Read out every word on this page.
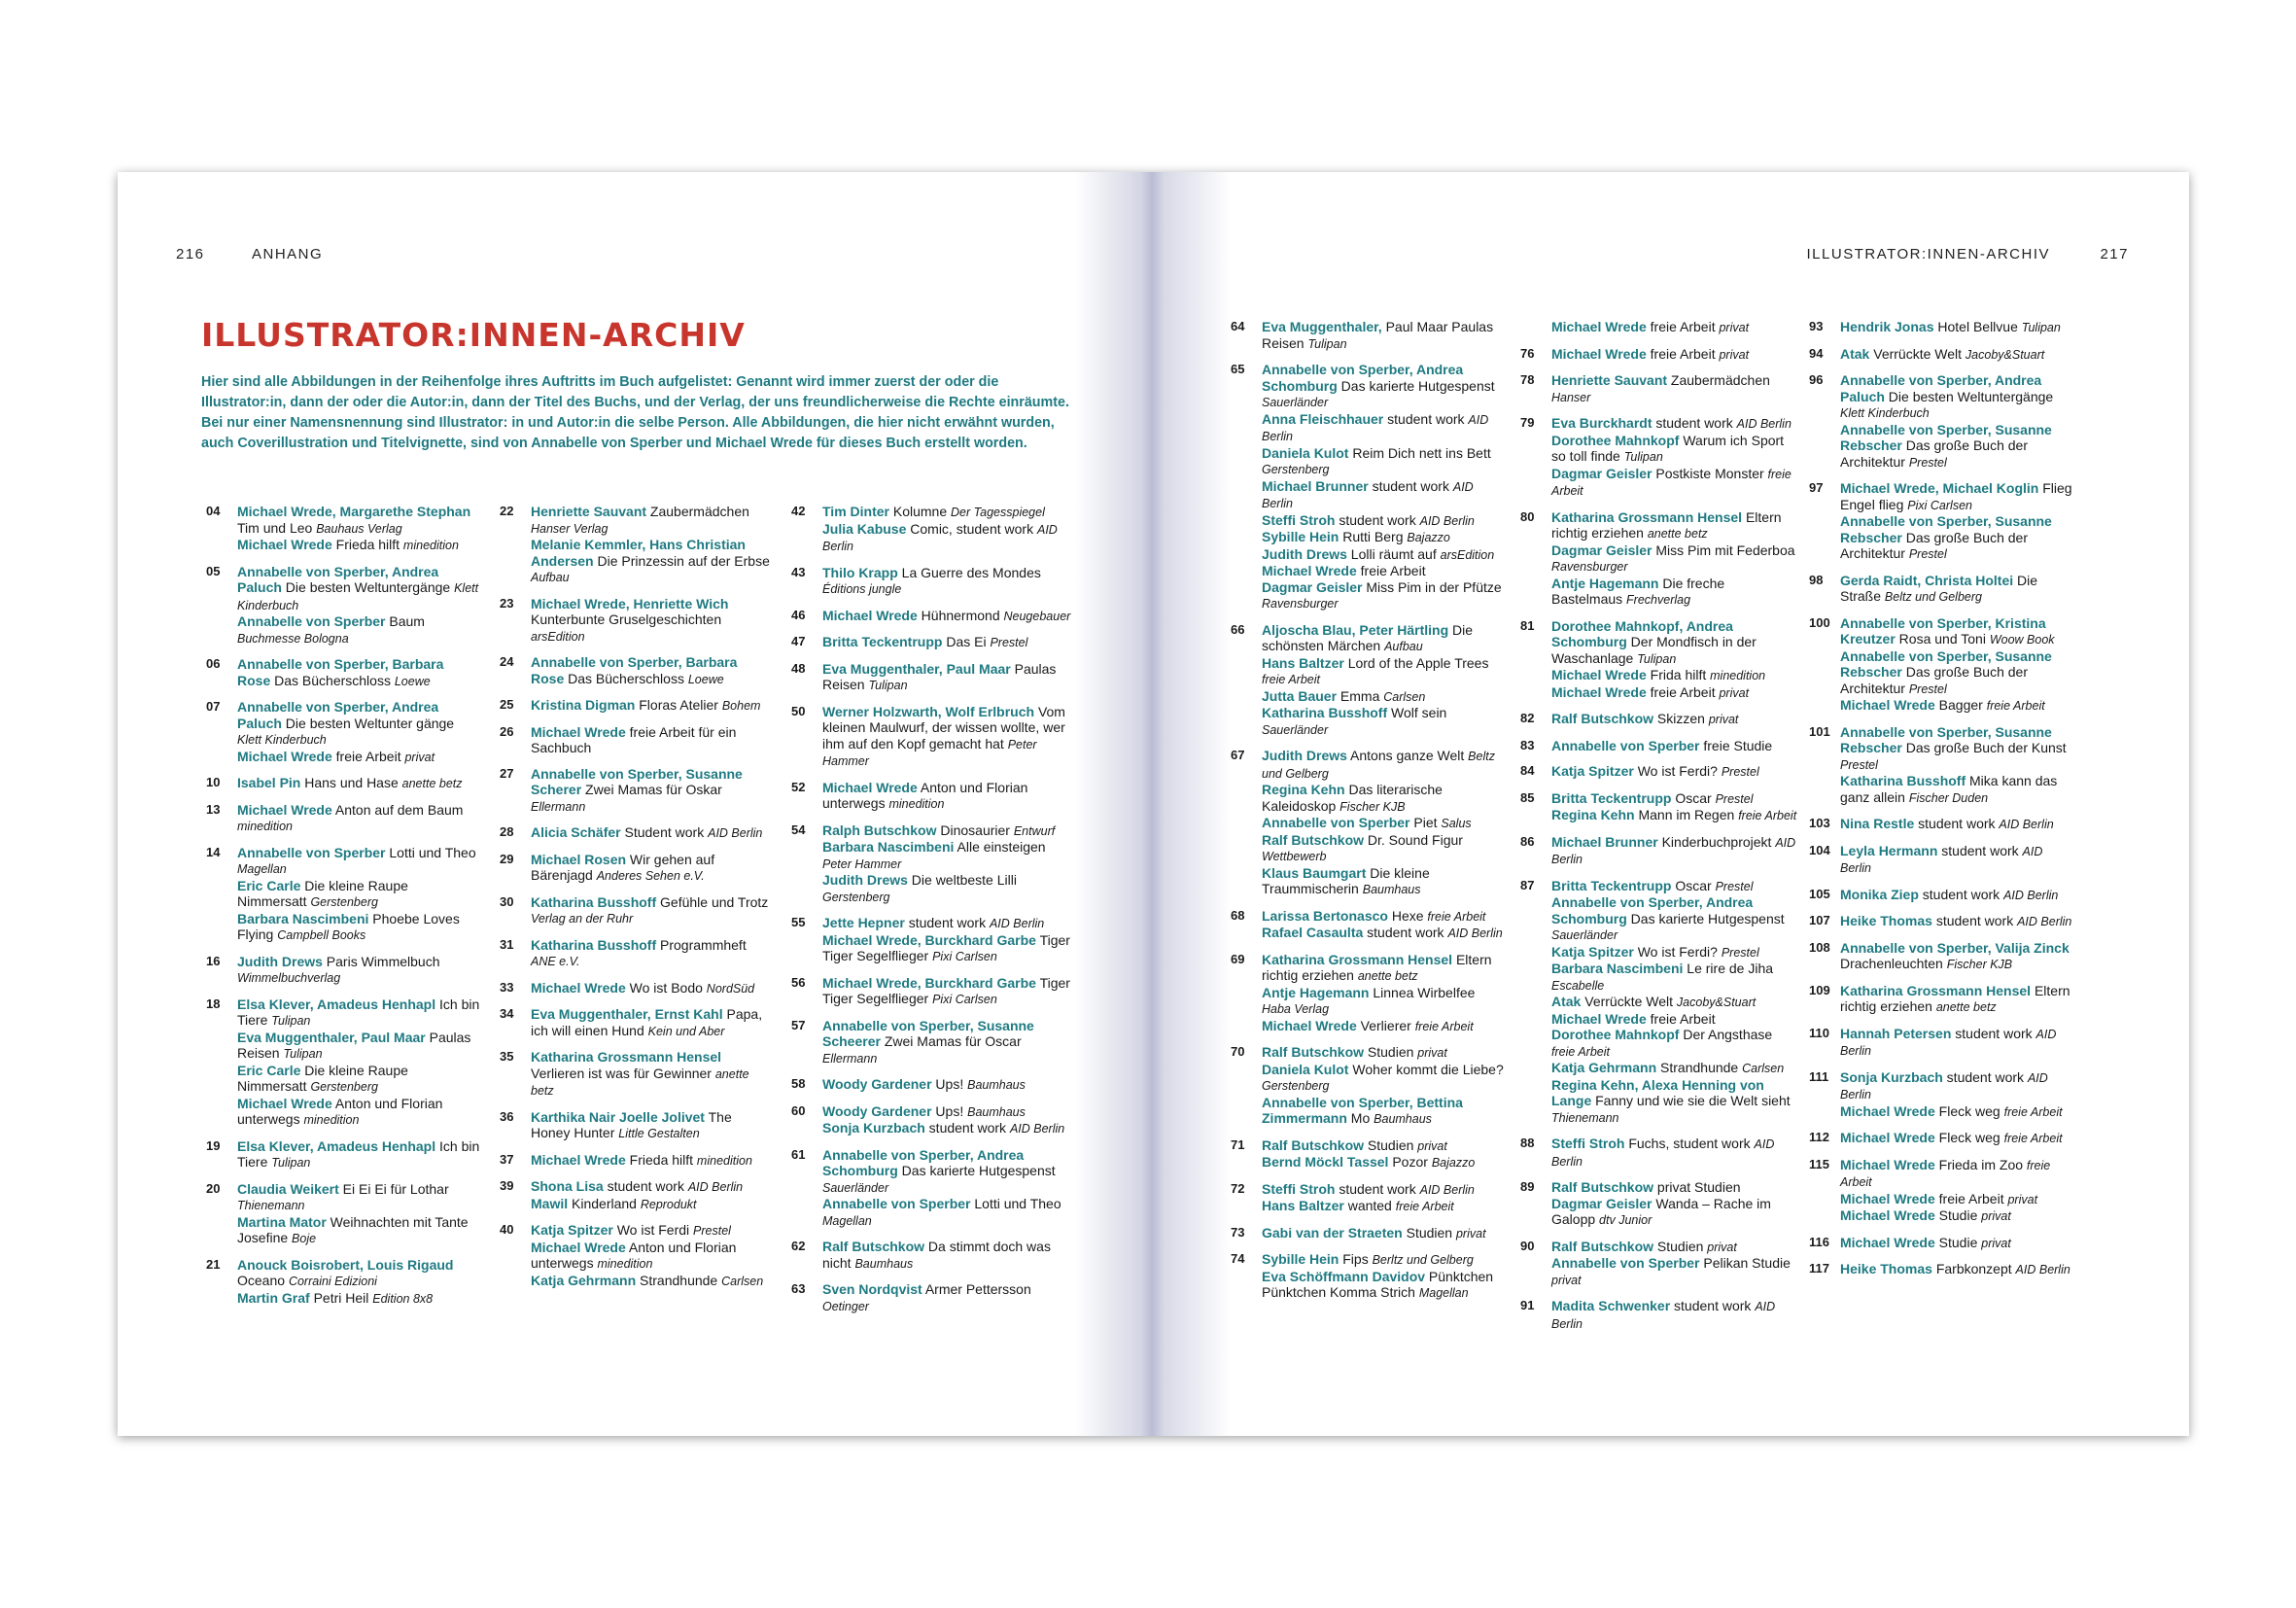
216	ANHANG
ILLUSTRATOR:INNEN-ARCHIV
Hier sind alle Abbildungen in der Reihenfolge ihres Auftritts im Buch aufgelistet: Genannt wird immer zuerst der oder die Illustrator:in, dann der oder die Autor:in, dann der Titel des Buchs, und der Verlag, der uns freundlicherweise die Rechte einräumte. Bei nur einer Namensnennung sind Illustrator: in und Autor:in die selbe Person. Alle Abbildungen, die hier nicht erwähnt wurden, auch Coverillustration und Titelvignette, sind von Annabelle von Sperber und Michael Wrede für dieses Buch erstellt worden.
04 Michael Wrede, Margarethe Stephan Tim und Leo Bauhaus Verlag
Michael Wrede Frieda hilft minedition
05 Annabelle von Sperber, Andrea Paluch Die besten Weltuntergänge Klett Kinderbuch
Annabelle von Sperber Baum Buchmesse Bologna
06 Annabelle von Sperber, Barbara Rose Das Bücherschloss Loewe
07 Annabelle von Sperber, Andrea Paluch Die besten Weltunter gänge Klett Kinderbuch
Michael Wrede freie Arbeit privat
10 Isabel Pin Hans und Hase anette betz
13 Michael Wrede Anton auf dem Baum minedition
14 Annabelle von Sperber Lotti und Theo Magellan
Eric Carle Die kleine Raupe Nimmersatt Gerstenberg
Barbara Nascimbeni Phoebe Loves Flying Campbell Books
16 Judith Drews Paris Wimmelbuch Wimmelbuchverlag
18 Elsa Klever, Amadeus Henhapl Ich bin Tiere Tulipan
Eva Muggenthaler, Paul Maar Paulas Reisen Tulipan
Eric Carle Die kleine Raupe Nimmersatt Gerstenberg
Michael Wrede Anton und Florian unterwegs minedition
19 Elsa Klever, Amadeus Henhapl Ich bin Tiere Tulipan
20 Claudia Weikert Ei Ei Ei für Lothar Thienemann
Martina Mator Weihnachten mit Tante Josefine Boje
21 Anouck Boisrobert, Louis Rigaud Oceano Corraini Edizioni
Martin Graf Petri Heil Edition 8x8
22 Henriette Sauvant Zaubermädchen Hanser Verlag
Melanie Kemmler, Hans Christian Andersen Die Prinzessin auf der Erbse Aufbau
23 Michael Wrede, Henriette Wich Kunterbunte Gruselgeschichten arsEdition
24 Annabelle von Sperber, Barbara Rose Das Bücherschloss Loewe
25 Kristina Digman Floras Atelier Bohem
26 Michael Wrede freie Arbeit für ein Sachbuch
27 Annabelle von Sperber, Susanne Scherer Zwei Mamas für Oskar Ellermann
28 Alicia Schäfer Student work AID Berlin
29 Michael Rosen Wir gehen auf Bärenjagd Anderes Sehen e.V.
30 Katharina Busshoff Gefühle und Trotz Verlag an der Ruhr
31 Katharina Busshoff Programmheft ANE e.V.
33 Michael Wrede Wo ist Bodo NordSüd
34 Eva Muggenthaler, Ernst Kahl Papa, ich will einen Hund Kein und Aber
35 Katharina Grossmann Hensel Verlieren ist was für Gewinner anette betz
36 Karthika Nair Joelle Jolivet The Honey Hunter Little Gestalten
37 Michael Wrede Frieda hilft minedition
39 Shona Lisa student work AID Berlin
Mawil Kinderland Reprodukt
40 Katja Spitzer Wo ist Ferdi Prestel
Michael Wrede Anton und Florian unterwegs minedition
Katja Gehrmann Strandhunde Carlsen
42 Tim Dinter Kolumne Der Tagesspiegel
Julia Kabuse Comic, student work AID Berlin
43 Thilo Krapp La Guerre des Mondes Éditions jungle
46 Michael Wrede Hühnermond Neugebauer
47 Britta Teckentrupp Das Ei Prestel
48 Eva Muggenthaler, Paul Maar Paulas Reisen Tulipan
50 Werner Holzwarth, Wolf Erlbruch Vom kleinen Maulwurf, der wissen wollte, wer ihm auf den Kopf gemacht hat Peter Hammer
52 Michael Wrede Anton und Florian unterwegs minedition
54 Ralph Butschkow Dinosaurier Entwurf
Barbara Nascimbeni Alle einsteigen Peter Hammer
Judith Drews Die weltbeste Lilli Gerstenberg
55 Jette Hepner student work AID Berlin
Michael Wrede, Burckhard Garbe Tiger Tiger Segelflieger Pixi Carlsen
56 Michael Wrede, Burckhard Garbe Tiger Tiger Segelflieger Pixi Carlsen
57 Annabelle von Sperber, Susanne Scheerer Zwei Mamas für Oscar Ellermann
58 Woody Gardener Ups! Baumhaus
60 Woody Gardener Ups! Baumhaus
Sonja Kurzbach student work AID Berlin
61 Annabelle von Sperber, Andrea Schomburg Das karierte Hutgespenst Sauerländer
Annabelle von Sperber Lotti und Theo Magellan
62 Ralf Butschkow Da stimmt doch was nicht Baumhaus
63 Sven Nordqvist Armer Pettersson Oetinger
ILLUSTRATOR:INNEN-ARCHIV	217
64 Eva Muggenthaler, Paul Maar Paulas Reisen Tulipan
65 Annabelle von Sperber, Andrea Schomburg Das karierte Hutgespenst Sauerländer
Anna Fleischhauer student work AID Berlin
Daniela Kulot Reim Dich nett ins Bett Gerstenberg
Michael Brunner student work AID Berlin
Steffi Stroh student work AID Berlin
Sybille Hein Rutti Berg Bajazzo
Judith Drews Lolli räumt auf arsEdition
Michael Wrede freie Arbeit
Dagmar Geisler Miss Pim in der Pfütze Ravensburger
66 Aljoscha Blau, Peter Härtling Die schönsten Märchen Aufbau
Hans Baltzer Lord of the Apple Trees freie Arbeit
Jutta Bauer Emma Carlsen
Katharina Busshoff Wolf sein Sauerländer
67 Judith Drews Antons ganze Welt Beltz und Gelberg
Regina Kehn Das literarische Kaleidoskop Fischer KJB
Annabelle von Sperber Piet Salus
Ralf Butschkow Dr. Sound Figur Wettbewerb
Klaus Baumgart Die kleine Traummischerin Baumhaus
68 Larissa Bertonasco Hexe freie Arbeit
Rafael Casaulta student work AID Berlin
69 Katharina Grossmann Hensel Eltern richtig erziehen anette betz
Antje Hagemann Linnea Wirbelfee Haba Verlag
Michael Wrede Verlierer freie Arbeit
70 Ralf Butschkow Studien privat
Daniela Kulot Woher kommt die Liebe? Gerstenberg
Annabelle von Sperber, Bettina Zimmermann Mo Baumhaus
71 Ralf Butschkow Studien privat
Bernd Möckl Tassel Pozor Bajazzo
72 Steffi Stroh student work AID Berlin
Hans Baltzer wanted freie Arbeit
73 Gabi van der Straeten Studien privat
74 Sybille Hein Fips Berltz und Gelberg
Eva Schöffmann Davidov Pünktchen Pünktchen Komma Strich Magellan
Michael Wrede freie Arbeit privat
76 Michael Wrede freie Arbeit privat
78 Henriette Sauvant Zaubermädchen Hanser
79 Eva Burckhardt student work AID Berlin
Dorothee Mahnkopf Warum ich Sport so toll finde Tulipan
Dagmar Geisler Postkiste Monster freie Arbeit
80 Katharina Grossmann Hensel Eltern richtig erziehen anette betz
Dagmar Geisler Miss Pim mit Federboa Ravensburger
Antje Hagemann Die freche Bastelmaus Frechverlag
81 Dorothee Mahnkopf, Andrea Schomburg Der Mondfisch in der Waschanlage Tulipan
Michael Wrede Frida hilft minedition
Michael Wrede freie Arbeit privat
82 Ralf Butschkow Skizzen privat
83 Annabelle von Sperber freie Studie
84 Katja Spitzer Wo ist Ferdi? Prestel
85 Britta Teckentrupp Oscar Prestel
Regina Kehn Mann im Regen freie Arbeit
86 Michael Brunner Kinderbuchprojekt AID Berlin
87 Britta Teckentrupp Oscar Prestel
Annabelle von Sperber, Andrea Schomburg Das karierte Hutgespenst Sauerländer
Katja Spitzer Wo ist Ferdi? Prestel
Barbara Nascimbeni Le rire de Jiha Escabelle
Atak Verrückte Welt Jacoby&Stuart
Michael Wrede freie Arbeit
Dorothee Mahnkopf Der Angsthase freie Arbeit
Katja Gehrmann Strandhunde Carlsen
Regina Kehn, Alexa Henning von Lange Fanny und wie sie die Welt sieht Thienemann
88 Steffi Stroh Fuchs, student work AID Berlin
89 Ralf Butschkow privat Studien
Dagmar Geisler Wanda – Rache im Galopp dtv Junior
90 Ralf Butschkow Studien privat
Annabelle von Sperber Pelikan Studie privat
91 Madita Schwenker student work AID Berlin
93 Hendrik Jonas Hotel Bellvue Tulipan
94 Atak Verrückte Welt Jacoby&Stuart
96 Annabelle von Sperber, Andrea Paluch Die besten Weltuntergänge Klett Kinderbuch
Annabelle von Sperber, Susanne Rebscher Das große Buch der Architektur Prestel
97 Michael Wrede, Michael Koglin Flieg Engel flieg Pixi Carlsen
Annabelle von Sperber, Susanne Rebscher Das große Buch der Architektur Prestel
98 Gerda Raidt, Christa Holtei Die Straße Beltz und Gelberg
100 Annabelle von Sperber, Kristina Kreutzer Rosa und Toni Woow Book
Annabelle von Sperber, Susanne Rebscher Das große Buch der Architektur Prestel
Michael Wrede Bagger freie Arbeit
101 Annabelle von Sperber, Susanne Rebscher Das große Buch der Kunst Prestel
Katharina Busshoff Mika kann das ganz allein Fischer Duden
103 Nina Restle student work AID Berlin
104 Leyla Hermann student work AID Berlin
105 Monika Ziep student work AID Berlin
107 Heike Thomas student work AID Berlin
108 Annabelle von Sperber, Valija Zinck Drachenleuchten Fischer KJB
109 Katharina Grossmann Hensel Eltern richtig erziehen anette betz
110 Hannah Petersen student work AID Berlin
111 Sonja Kurzbach student work AID Berlin
Michael Wrede Fleck weg freie Arbeit
112 Michael Wrede Fleck weg freie Arbeit
115 Michael Wrede Frieda im Zoo freie Arbeit
Michael Wrede freie Arbeit privat
Michael Wrede Studie privat
116 Michael Wrede Studie privat
117 Heike Thomas Farbkonzept AID Berlin
